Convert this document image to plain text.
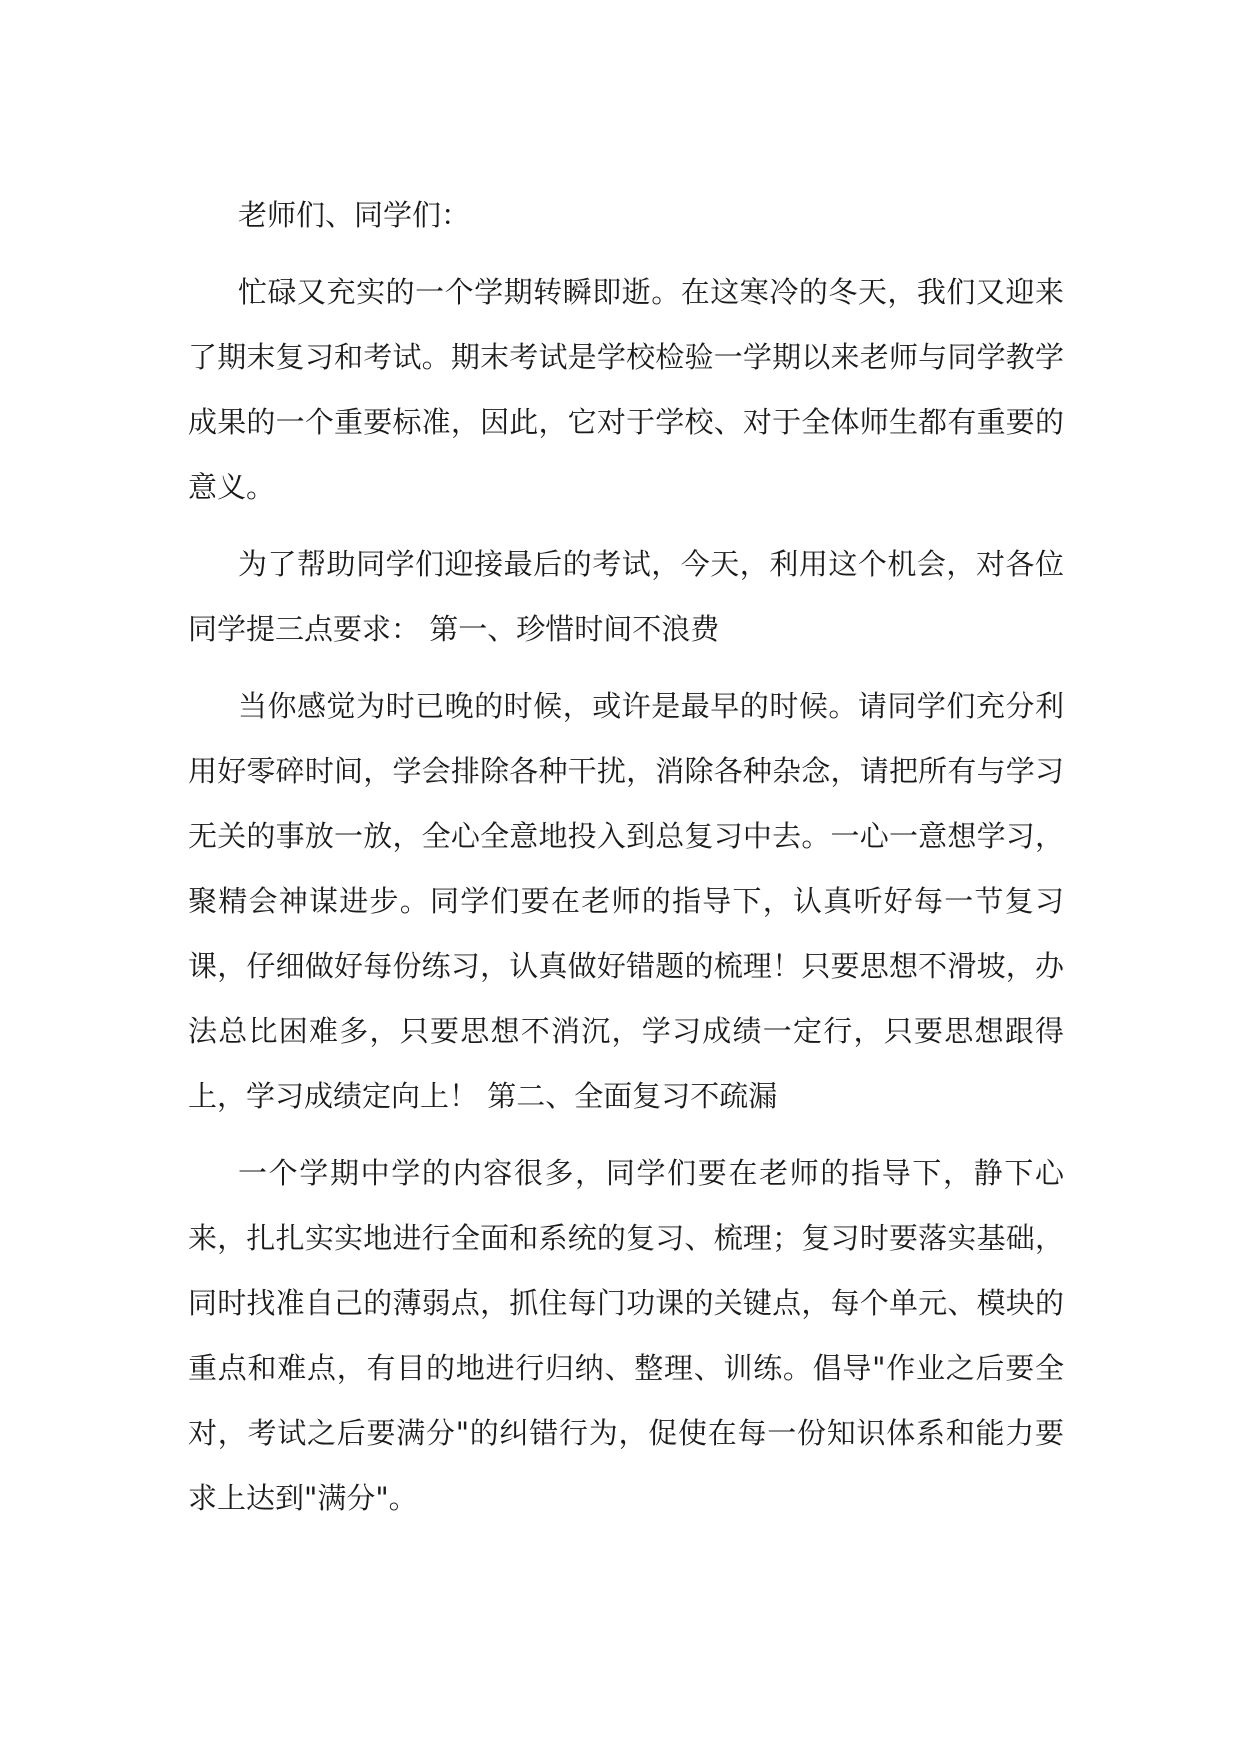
老师们、同学们：

忙碌又充实的一个学期转瞬即逝。在这寒冷的冬天，我们又迎来了期末复习和考试。期末考试是学校检验一学期以来老师与同学教学成果的一个重要标准，因此，它对于学校、对于全体师生都有重要的意义。

为了帮助同学们迎接最后的考试，今天，利用这个机会，对各位同学提三点要求： 第一、珍惜时间不浪费

当你感觉为时已晚的时候，或许是最早的时候。请同学们充分利用好零碎时间，学会排除各种干扰，消除各种杂念，请把所有与学习无关的事放一放，全心全意地投入到总复习中去。一心一意想学习，聚精会神谋进步。同学们要在老师的指导下，认真听好每一节复习课，仔细做好每份练习，认真做好错题的梳理！只要思想不滑坡，办法总比困难多，只要思想不消沉，学习成绩一定行，只要思想跟得上，学习成绩定向上！ 第二、全面复习不疏漏

一个学期中学的内容很多，同学们要在老师的指导下，静下心来，扎扎实实地进行全面和系统的复习、梳理；复习时要落实基础，同时找准自己的薄弱点，抓住每门功课的关键点，每个单元、模块的重点和难点，有目的地进行归纳、整理、训练。倡导"作业之后要全对，考试之后要满分"的纠错行为，促使在每一份知识体系和能力要求上达到"满分"。
